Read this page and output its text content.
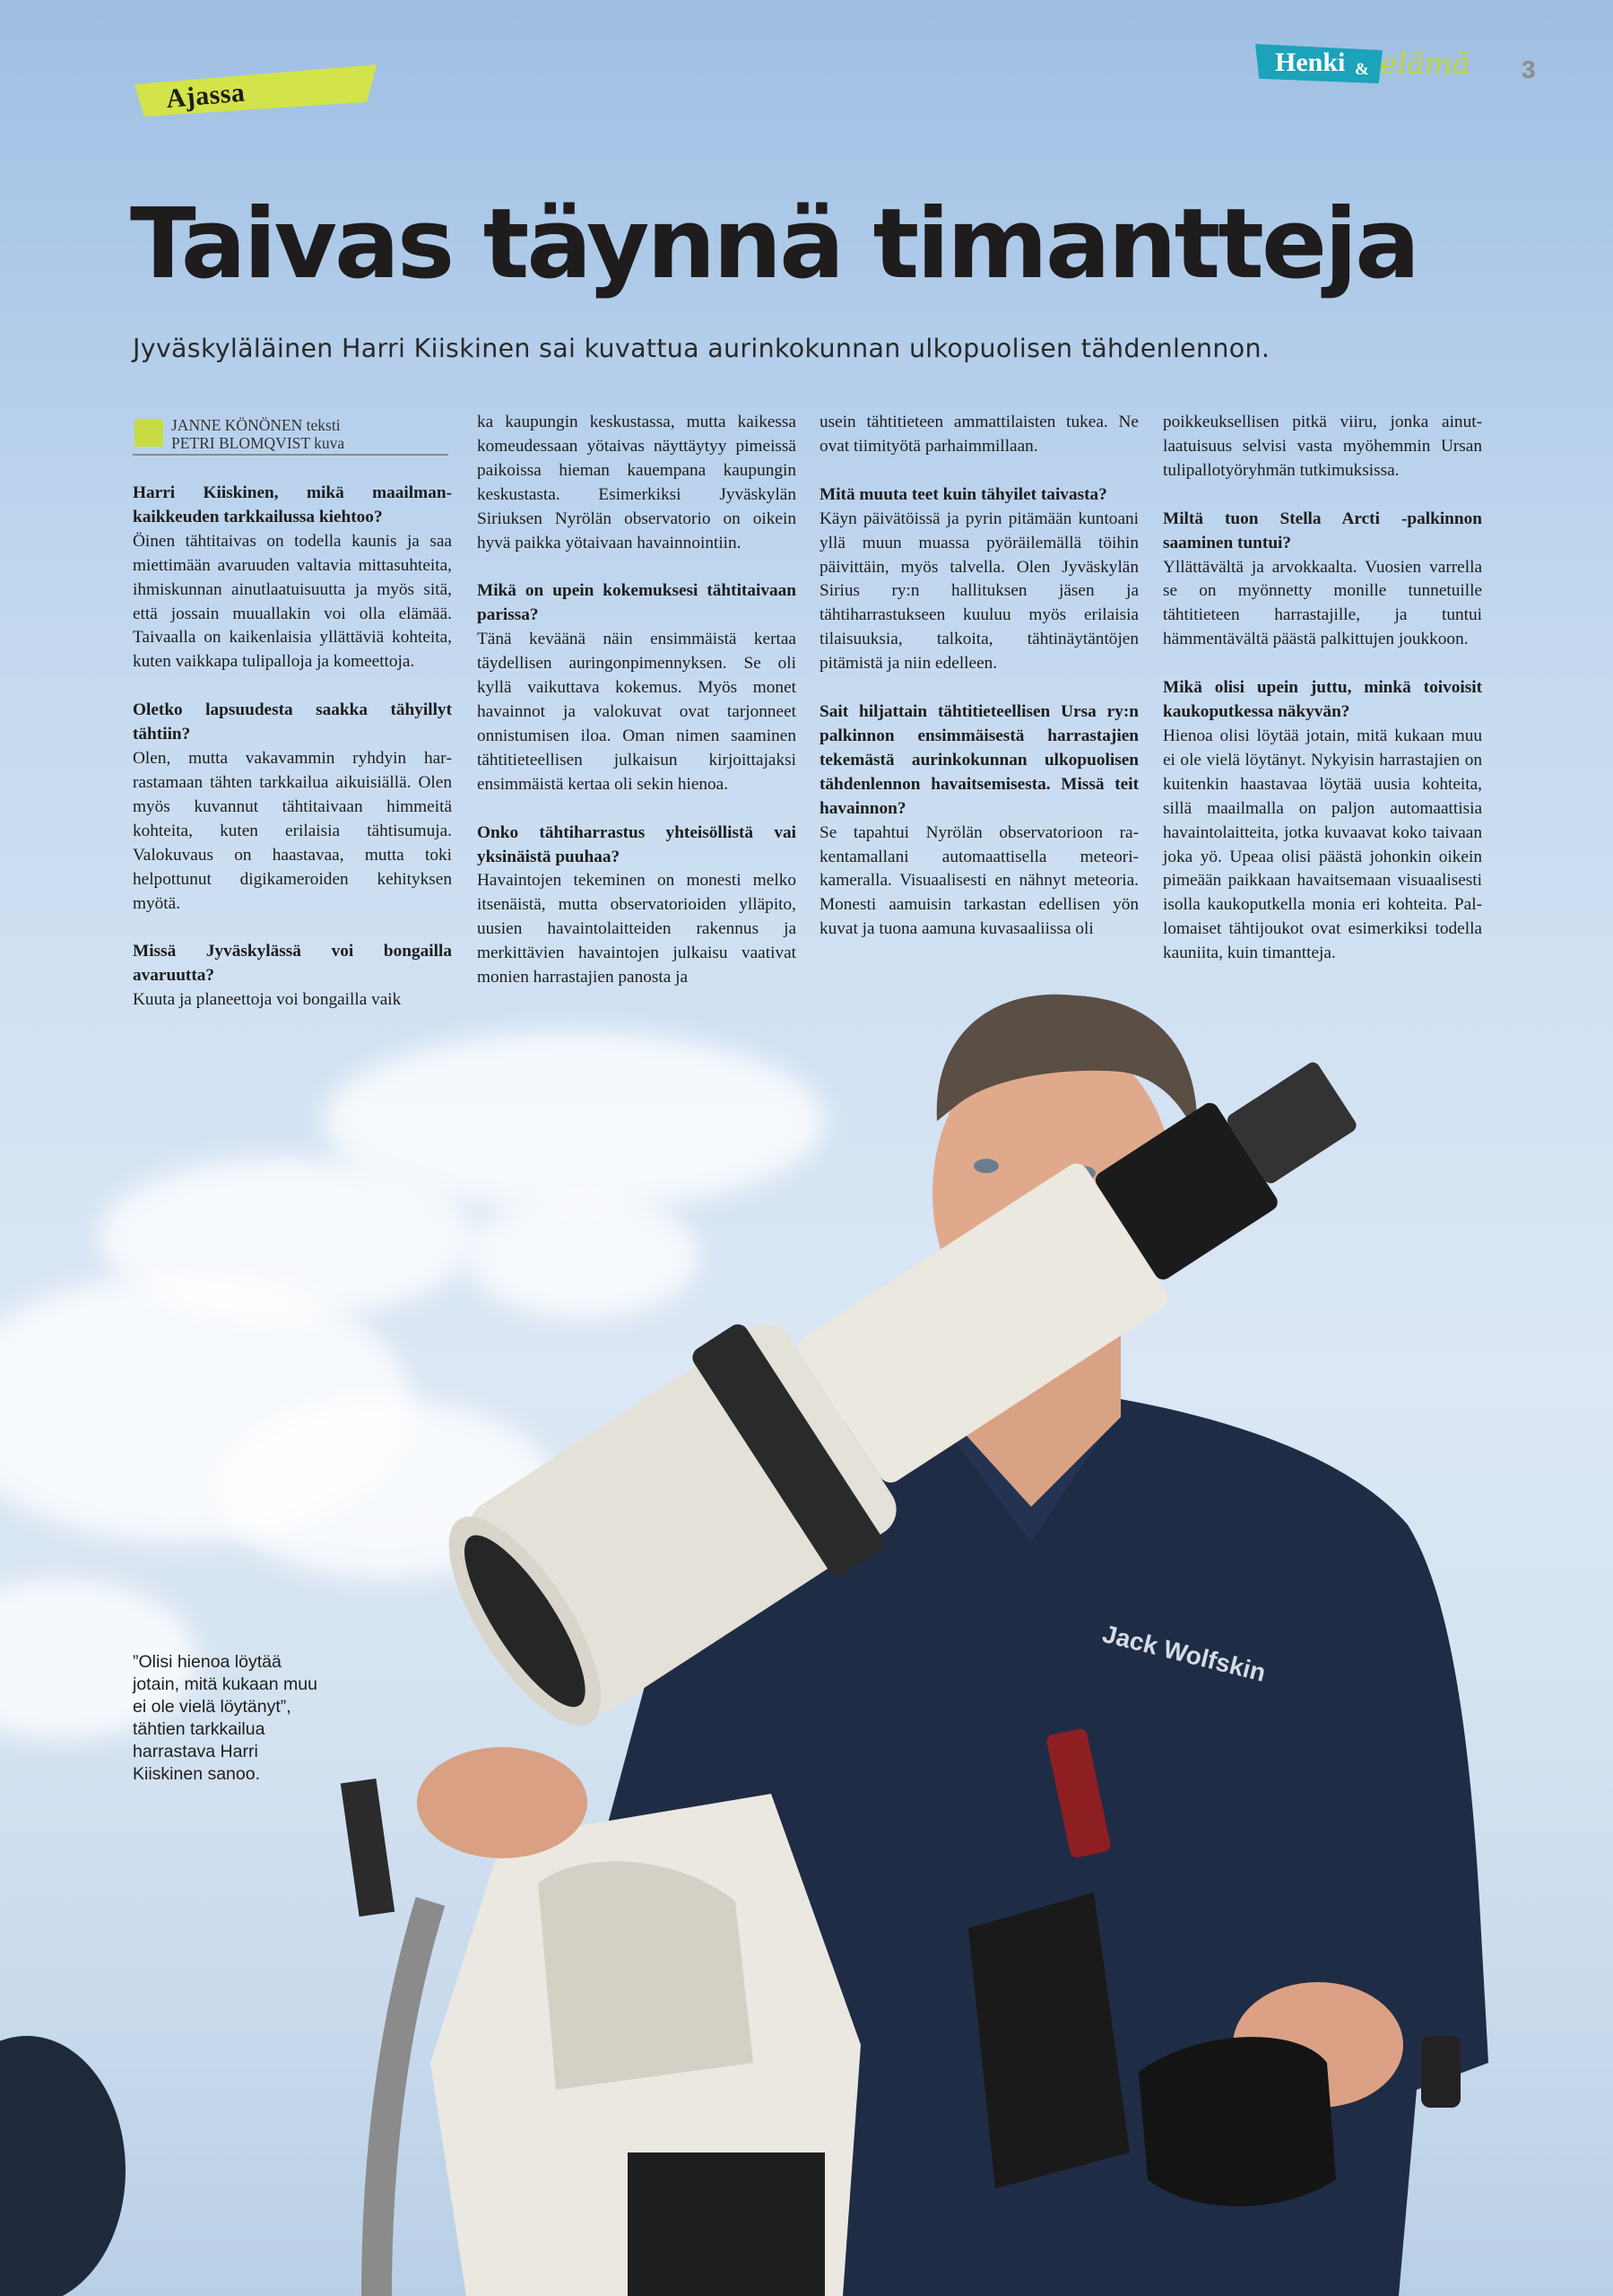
Jack Wolfskin
Ajassa
Henki & elämä 3
Taivas täynnä timantteja

Jyväskyläläinen Harri Kiiskinen sai kuvattua aurinkokunnan ulkopuolisen tähdenlennon.

JANNE KÖNÖNEN teksti
PETRI BLOMQVIST kuva

Harri Kiiskinen, mikä maailmankaikkeuden tarkkailussa kiehtoo?

Öinen tähtitaivas on todella kaunis ja saa miettimään avaruuden valtavia mittasuhteita, ihmiskunnan ainutlaatuisuutta ja myös sitä, että jossain muuallakin voi olla elämää. Taivaalla on kaikenlaisia yllättäviä kohteita, kuten vaikkapa tulipalloja ja komeettoja.

Oletko lapsuudesta saakka tähyillyt tähtiin?

Olen, mutta vakavammin ryhdyin harrastamaan tähten tarkkailua aikuisiällä. Olen myös kuvannut tähtitaivaan himmeitä kohteita, kuten erilaisia tähtisumuja. Valokuvaus on haastavaa, mutta toki helpottunut digikameroiden kehityksen myötä.

Missä Jyväskylässä voi bongailla avaruutta?

Kuuta ja planeettoja voi bongailla vaik

ka kaupungin keskustassa, mutta kaikessa komeudessaan yötaivas näyttäytyy pimeissä paikoissa hieman kauempana kaupungin keskustasta. Esimerkiksi Jyväskylän Siriuksen Nyrölän observatorio on oikein hyvä paikka yötaivaan havainnointiin.

Mikä on upein kokemuksesi tähtitaivaan parissa?

Tänä keväänä näin ensimmäistä kertaa täydellisen auringonpimennyksen. Se oli kyllä vaikuttava kokemus. Myös monet havainnot ja valokuvat ovat tarjonneet onnistumisen iloa. Oman nimen saaminen tähtitieteellisen julkaisun kirjoittajaksi ensimmäistä kertaa oli sekin hienoa.

Onko tähtiharrastus yhteisöllistä vai yksinäistä puuhaa?

Havaintojen tekeminen on monesti melko itsenäistä, mutta observatorioiden ylläpito, uusien havaintolaitteiden rakennus ja merkittävien havaintojen julkaisu vaativat monien harrastajien panosta ja

usein tähtitieteen ammattilaisten tukea. Ne ovat tiimityötä parhaimmillaan.

Mitä muuta teet kuin tähyilet taivasta?

Käyn päivätöissä ja pyrin pitämään kuntoani yllä muun muassa pyöräilemällä töihin päivittäin, myös talvella. Olen Jyväskylän Sirius ry:n hallituksen jäsen ja tähtiharrastukseen kuuluu myös erilaisia tilaisuuksia, talkoita, tähtinäytäntöjen pitämistä ja niin edelleen.

Sait hiljattain tähtitieteellisen Ursa ry:n palkinnon ensimmäisestä harrastajien tekemästä aurinkokunnan ulkopuolisen tähdenlennon havaitsemisesta. Missä teit havainnon?

Se tapahtui Nyrölän observatorioon rakentamallani automaattisella meteorikameralla. Visuaalisesti en nähnyt meteoria. Monesti aamuisin tarkastan edellisen yön kuvat ja tuona aamuna kuvasaaliissa oli

poikkeuksellisen pitkä viiru, jonka ainutlaatuisuus selvisi vasta myöhemmin Ursan tulipallotyöryhmän tutkimuksissa.

Miltä tuon Stella Arcti -palkinnon saaminen tuntui?

Yllättävältä ja arvokkaalta. Vuosien varrella se on myönnetty monille tunnetuille tähtitieteen harrastajille, ja tuntui hämmentävältä päästä palkittujen joukkoon.

Mikä olisi upein juttu, minkä toivoisit kaukoputkessa näkyvän?

Hienoa olisi löytää jotain, mitä kukaan muu ei ole vielä löytänyt. Nykyisin harrastajien on kuitenkin haastavaa löytää uusia kohteita, sillä maailmalla on paljon automaattisia havaintolaitteita, jotka kuvaavat koko taivaan joka yö. Upeaa olisi päästä johonkin oikein pimeään paikkaan havaitsemaan visuaalisesti isolla kaukoputkella monia eri kohteita. Pallomaiset tähtijoukot ovat esimerkiksi todella kauniita, kuin timantteja.

”Olisi hienoa löytää jotain, mitä kukaan muu ei ole vielä löytänyt”, tähtien tarkkailua harrastava Harri Kiiskinen sanoo.
